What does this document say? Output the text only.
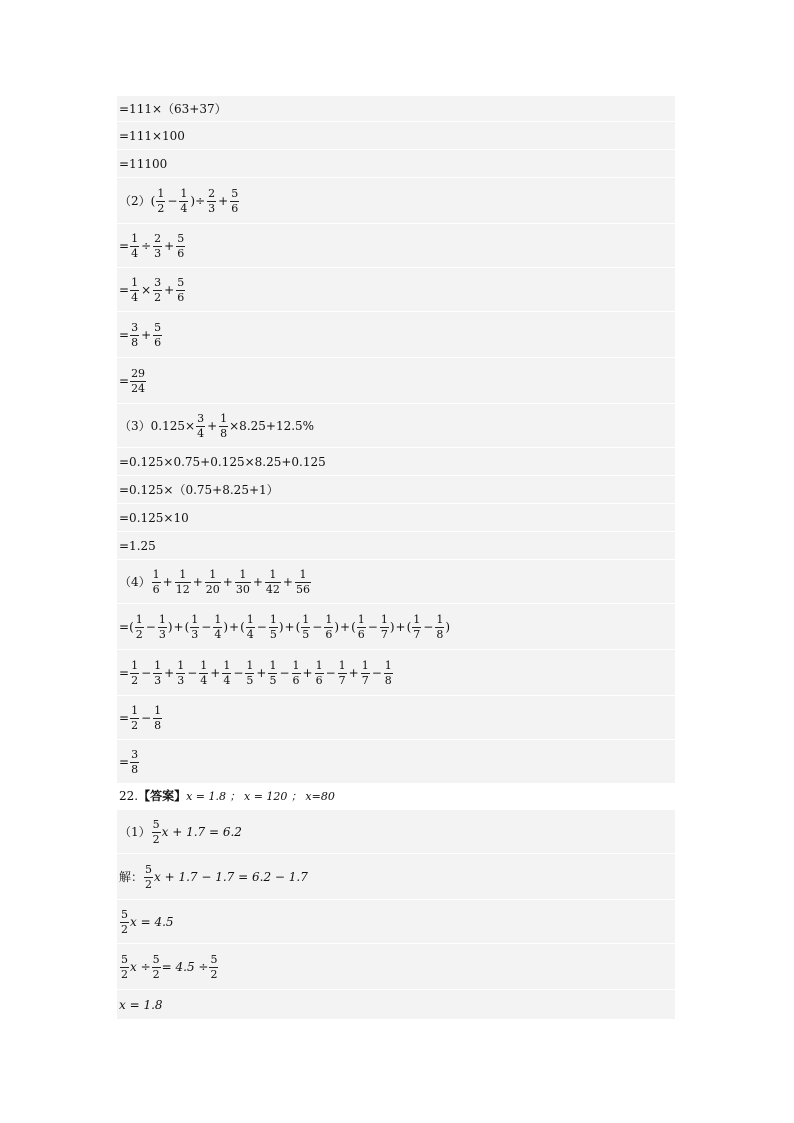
=111×（63+37）
=111×100
=11100
（2） ( $\frac{1}{2} - \frac{1}{4}$ )÷ $\frac{2}{3} + \frac{5}{6}$
= $\frac{1}{4} \div \frac{2}{3} + \frac{5}{6}$
= $\frac{1}{4} \times \frac{3}{2} + \frac{5}{6}$
= $\frac{3}{8} + \frac{5}{6}$
= $\frac{29}{24}$
（3） $0.125\times \frac{3}{4} + \frac{1}{8} \times 8.25+12.5\%$
=0.125×0.75+0.125×8.25+0.125
=0.125×（0.75+8.25+1）
=0.125×10
=1.25
$(4) \frac{1}{6} + \frac{1}{12} + \frac{1}{20} + \frac{1}{30} + \frac{1}{42} + \frac{1}{56}$
= ( $\frac{1}{2} - \frac{1}{3}$ ) + ( $\frac{1}{3} - \frac{1}{4}$ ) + ( $\frac{1}{4} - \frac{1}{5}$ ) + ( $\frac{1}{5} - \frac{1}{6}$ ) + ( $\frac{1}{6} - \frac{1}{7}$ ) + ( $\frac{1}{7} - \frac{1}{8}$ )
= $\frac{1}{2} - \frac{1}{3} + \frac{1}{3} - \frac{1}{4} + \frac{1}{4} - \frac{1}{5} + \frac{1}{5} - \frac{1}{6} + \frac{1}{6} - \frac{1}{7} + \frac{1}{7} - \frac{1}{8}$
= $\frac{1}{2} - \frac{1}{8}$
= $\frac{3}{8}$
22. 【答案】 x = 1.8 ； x = 120 ； x=80
$(1) \frac{5}{2}$ x + 1.7 = 6.2
解： $\frac{5}{2}$ x + 1.7 − 1.7 = 6.2 − 1.7
$\frac{5}{2}$ x = 4.5
$\frac{5}{2}$ $x \div \frac{5}{2} = 4.5 \div \frac{5}{2}$
x = 1.8
